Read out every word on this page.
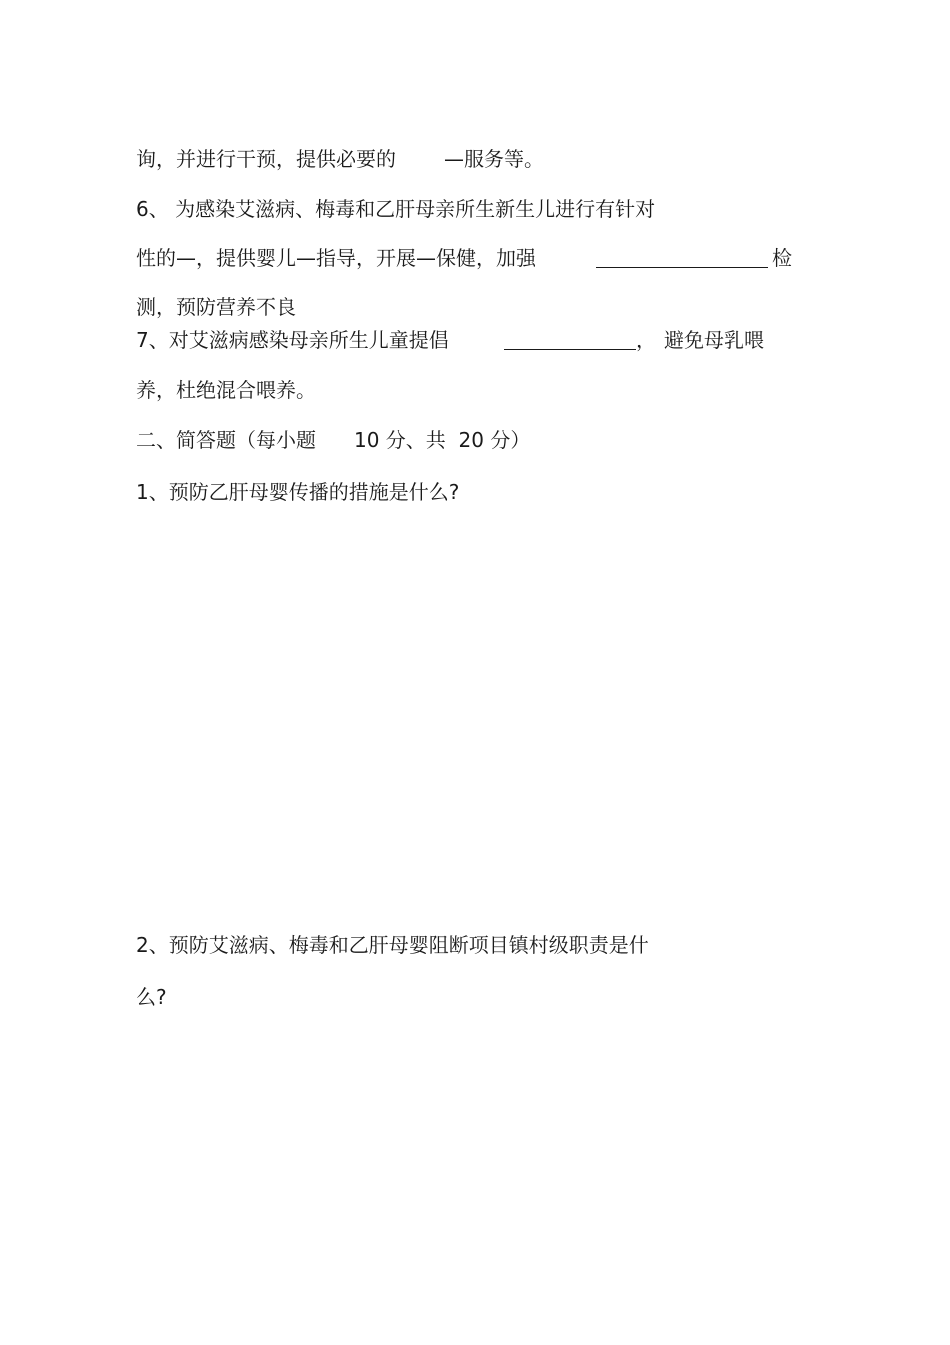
询，并进行干预，提供必要的

—服务等。

6、 为感染艾滋病、梅毒和乙肝母亲所生新生儿进行有针对

性的—，提供婴儿—指导，开展—保健，加强

	检

测，预防营养不良

7、对艾滋病感染母亲所生儿童提倡

	，

避免母乳喂

养，杜绝混合喂养。

二、简答题（每小题

10 分、共  20 分）

1、预防乙肝母婴传播的措施是什么?

2、预防艾滋病、梅毒和乙肝母婴阻断项目镇村级职责是什

么?
